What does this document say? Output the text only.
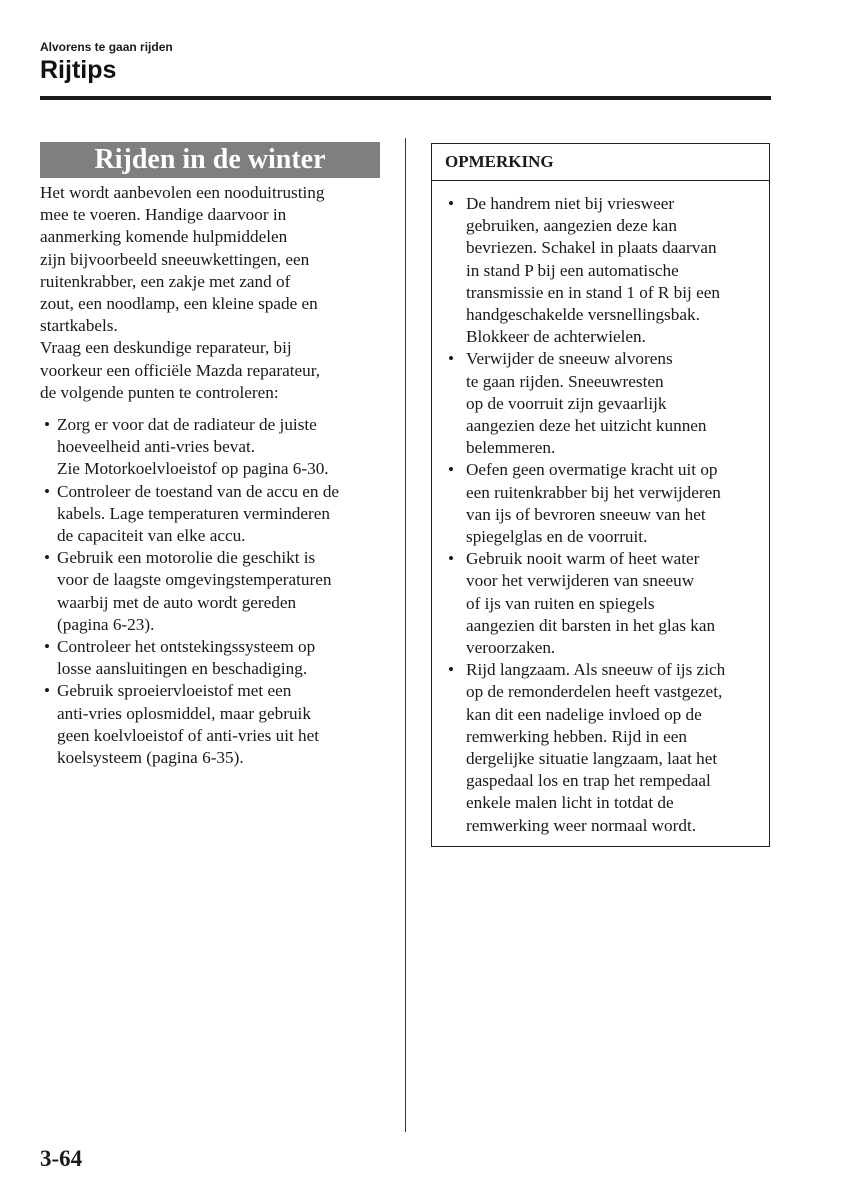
Alvorens te gaan rijden
Rijtips
Rijden in de winter

Het wordt aanbevolen een nooduitrusting
mee te voeren. Handige daarvoor in
aanmerking komende hulpmiddelen
zijn bijvoorbeeld sneeuwkettingen, een
ruitenkrabber, een zakje met zand of
zout, een noodlamp, een kleine spade en
startkabels.
Vraag een deskundige reparateur, bij
voorkeur een officiële Mazda reparateur,
de volgende punten te controleren:

• Zorg er voor dat de radiateur de juiste
hoeveelheid anti-vries bevat.
Zie Motorkoelvloeistof op pagina 6-30.
• Controleer de toestand van de accu en de
kabels. Lage temperaturen verminderen
de capaciteit van elke accu.
• Gebruik een motorolie die geschikt is
voor de laagste omgevingstemperaturen
waarbij met de auto wordt gereden
(pagina 6-23).
• Controleer het ontstekingssysteem op
losse aansluitingen en beschadiging.
• Gebruik sproeiervloeistof met een
anti-vries oplosmiddel, maar gebruik
geen koelvloeistof of anti-vries uit het
koelsysteem (pagina 6-35).
OPMERKING
• De handrem niet bij vriesweer
gebruiken, aangezien deze kan
bevriezen. Schakel in plaats daarvan
in stand P bij een automatische
transmissie en in stand 1 of R bij een
handgeschakelde versnellingsbak.
Blokkeer de achterwielen.
• Verwijder de sneeuw alvorens
te gaan rijden. Sneeuwresten
op de voorruit zijn gevaarlijk
aangezien deze het uitzicht kunnen
belemmeren.
• Oefen geen overmatige kracht uit op
een ruitenkrabber bij het verwijderen
van ijs of bevroren sneeuw van het
spiegelglas en de voorruit.
• Gebruik nooit warm of heet water
voor het verwijderen van sneeuw
of ijs van ruiten en spiegels
aangezien dit barsten in het glas kan
veroorzaken.
• Rijd langzaam. Als sneeuw of ijs zich
op de remonderdelen heeft vastgezet,
kan dit een nadelige invloed op de
remwerking hebben. Rijd in een
dergelijke situatie langzaam, laat het
gaspedaal los en trap het rempedaal
enkele malen licht in totdat de
remwerking weer normaal wordt.
3-64
